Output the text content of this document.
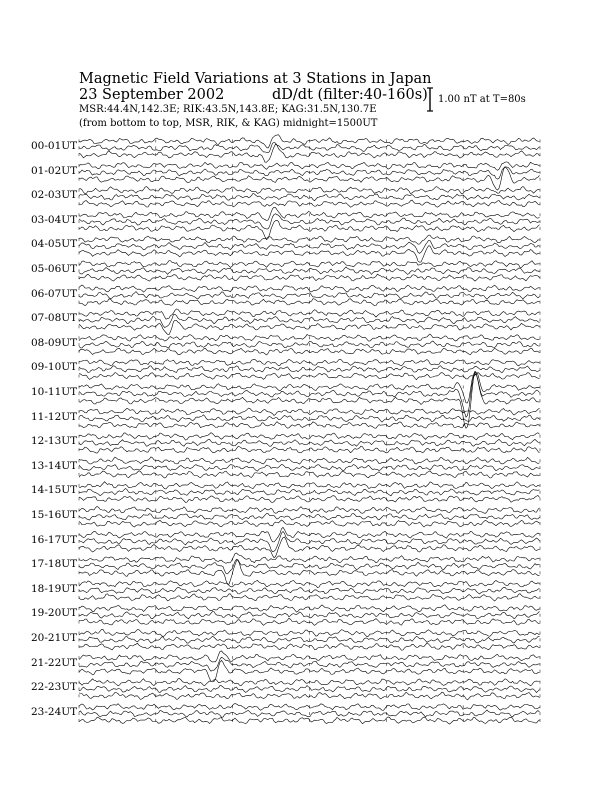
Magnetic Field Variations at 3 Stations in Japan
23 September 2002	dD/dt (filter:40-160s)
MSR:44.4N,142.3E; RIK:43.5N,143.8E; KAG:31.5N,130.7E
(from bottom to top, MSR, RIK, & KAG) midnight=1500UT
1.00 nT at T=80s
00-01UT
01-02UT
02-03UT
03-04UT
04-05UT
05-06UT
06-07UT
07-08UT
08-09UT
09-10UT
10-11UT
11-12UT
12-13UT
13-14UT
14-15UT
15-16UT
16-17UT
17-18UT
18-19UT
19-20UT
20-21UT
21-22UT
22-23UT
23-24UT
